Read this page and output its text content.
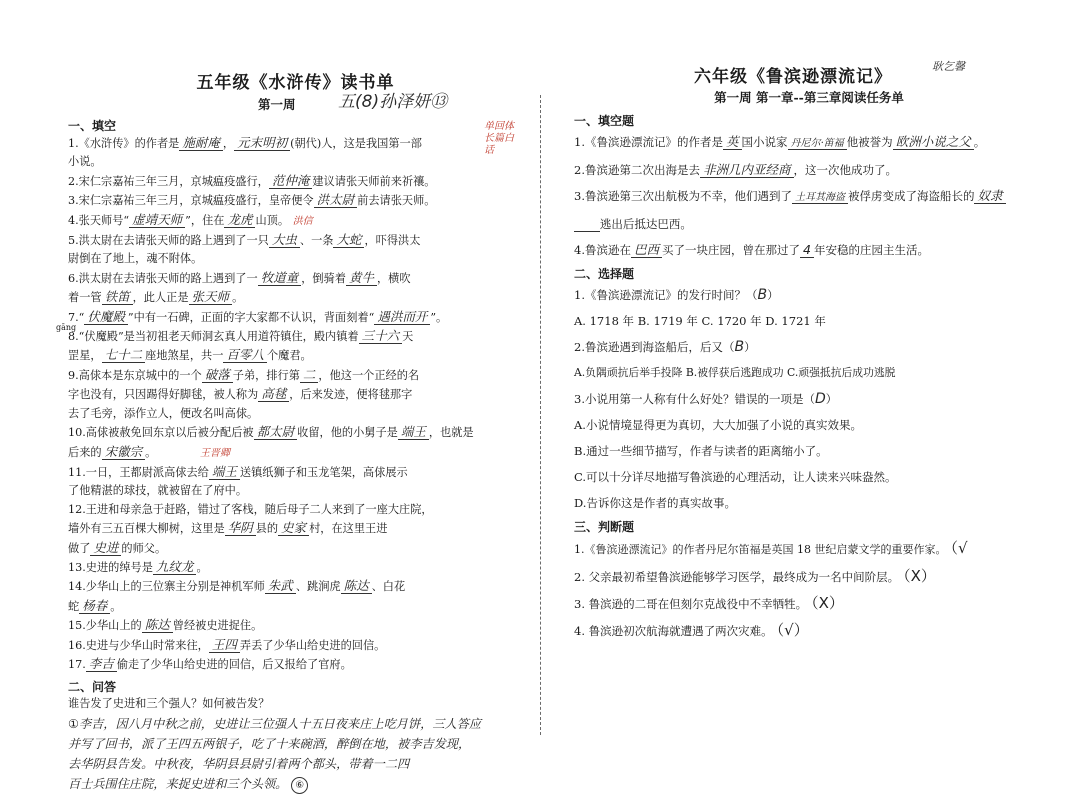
五年级《水浒传》读书单
第一周 五(8)孙泽妍⑬
单回体长篇白话
一、填空
1.《水浒传》的作者是 施耐庵 ， 元末明初 (朝代)人，这是我国第一部
小说。
2.宋仁宗嘉祐三年三月，京城瘟疫盛行， 范仲淹 建议请张天师前来祈禳。
3.宋仁宗嘉祐三年三月，京城瘟疫盛行，皇帝便令 洪太尉 前去请张天师。
4.张天师号“ 虚靖天师 ”，住在 龙虎 山顶。 洪信
5.洪太尉在去请张天师的路上遇到了一只 大虫 、一条 大蛇 ，吓得洪太
尉倒在了地上，魂不附体。
6.洪太尉在去请张天师的路上遇到了一 牧道童 ，倒骑着 黄牛 ，横吹
着一管 铁笛 ，此人正是 张天师 。
7.“ 伏魔殿 ”中有一石碑，正面的字大家都不认识，背面刻着“ 遇洪而开 ”。
gāng
8.“伏魔殿”是当初祖老天师洞玄真人用道符镇住，殿内镇着 三十六 天
罡星， 七十二 座地煞星，共一 百零八 个魔君。
9.高俅本是东京城中的一个 破落 子弟，排行第 二 ，他这一个正经的名
字也没有，只因踢得好脚毬，被人称为 高毬 ，后来发迹，便将毬那字
去了毛旁，添作立人，便改名叫高俅。
10.高俅被赦免回东京以后被分配后被 都太尉 收留，他的小舅子是 端王 ，也就是
后来的 宋徽宗 。	王晋卿
11.一日，王都尉派高俅去给 端王 送镇纸狮子和玉龙笔架，高俅展示
了他精湛的球技，就被留在了府中。
12.王进和母亲急于赶路，错过了客栈，随后母子二人来到了一座大庄院，
墙外有三五百棵大柳树，这里是 华阴 县的 史家 村，在这里王进
做了 史进 的师父。
13.史进的绰号是 九纹龙 。
14.少华山上的三位寨主分别是神机军师 朱武 、跳涧虎 陈达 、白花
蛇 杨春 。
15.少华山上的 陈达 曾经被史进捉住。
16.史进与少华山时常来往， 王四 弄丢了少华山给史进的回信。
17. 李吉 偷走了少华山给史进的回信，后又报给了官府。
二、问答
谁告发了史进和三个强人？如何被告发？
①李吉，因八月中秋之前，史进让三位强人十五日夜来庄上吃月饼，三人答应
并写了回书，派了王四五两银子，吃了十来碗酒，醉倒在地，被李吉发现，
去华阴县告发。中秋夜，华阴县县尉引着两个都头，带着一二四
百士兵围住庄院，来捉史进和三个头领。 ⑥
六年级《鲁滨逊漂流记》
耿乞馨
第一周 第一章--第三章阅读任务单
一、填空题
1.《鲁滨逊漂流记》的作者是 英 国小说家 丹尼尔·笛福 他被誉为 欧洲小说之父 。
2.鲁滨逊第二次出海是去 非洲几内亚经商 ，这一次他成功了。
3.鲁滨逊第三次出航极为不幸，他们遇到了 土耳其海盗 被俘虏变成了海盗船长的 奴隶
逃出后抵达巴西。
4.鲁滨逊在 巴西 买了一块庄园，曾在那过了 4 年安稳的庄园主生活。
二、选择题
1.《鲁滨逊漂流记》的发行时间？（B）
A. 1718 年 B. 1719 年 C. 1720 年 D. 1721 年
2.鲁滨逊遇到海盗船后，后又（B）
A.负隅顽抗后举手投降 B.被俘获后逃跑成功 C.顽强抵抗后成功逃脱
3.小说用第一人称有什么好处？错误的一项是（D）
A.小说情境显得更为真切，大大加强了小说的真实效果。
B.通过一些细节描写，作者与读者的距离缩小了。
C.可以十分详尽地描写鲁滨逊的心理活动，让人读来兴味盎然。
D.告诉你这是作者的真实故事。
三、判断题
1.《鲁滨逊漂流记》的作者丹尼尔笛福是英国 18 世纪启蒙文学的重要作家。 （√
2. 父亲最初希望鲁滨逊能够学习医学，最终成为一名中间阶层。 （X）
3. 鲁滨逊的二哥在但刻尔克战役中不幸牺牲。 （X）
4. 鲁滨逊初次航海就遭遇了两次灾难。 （√）
